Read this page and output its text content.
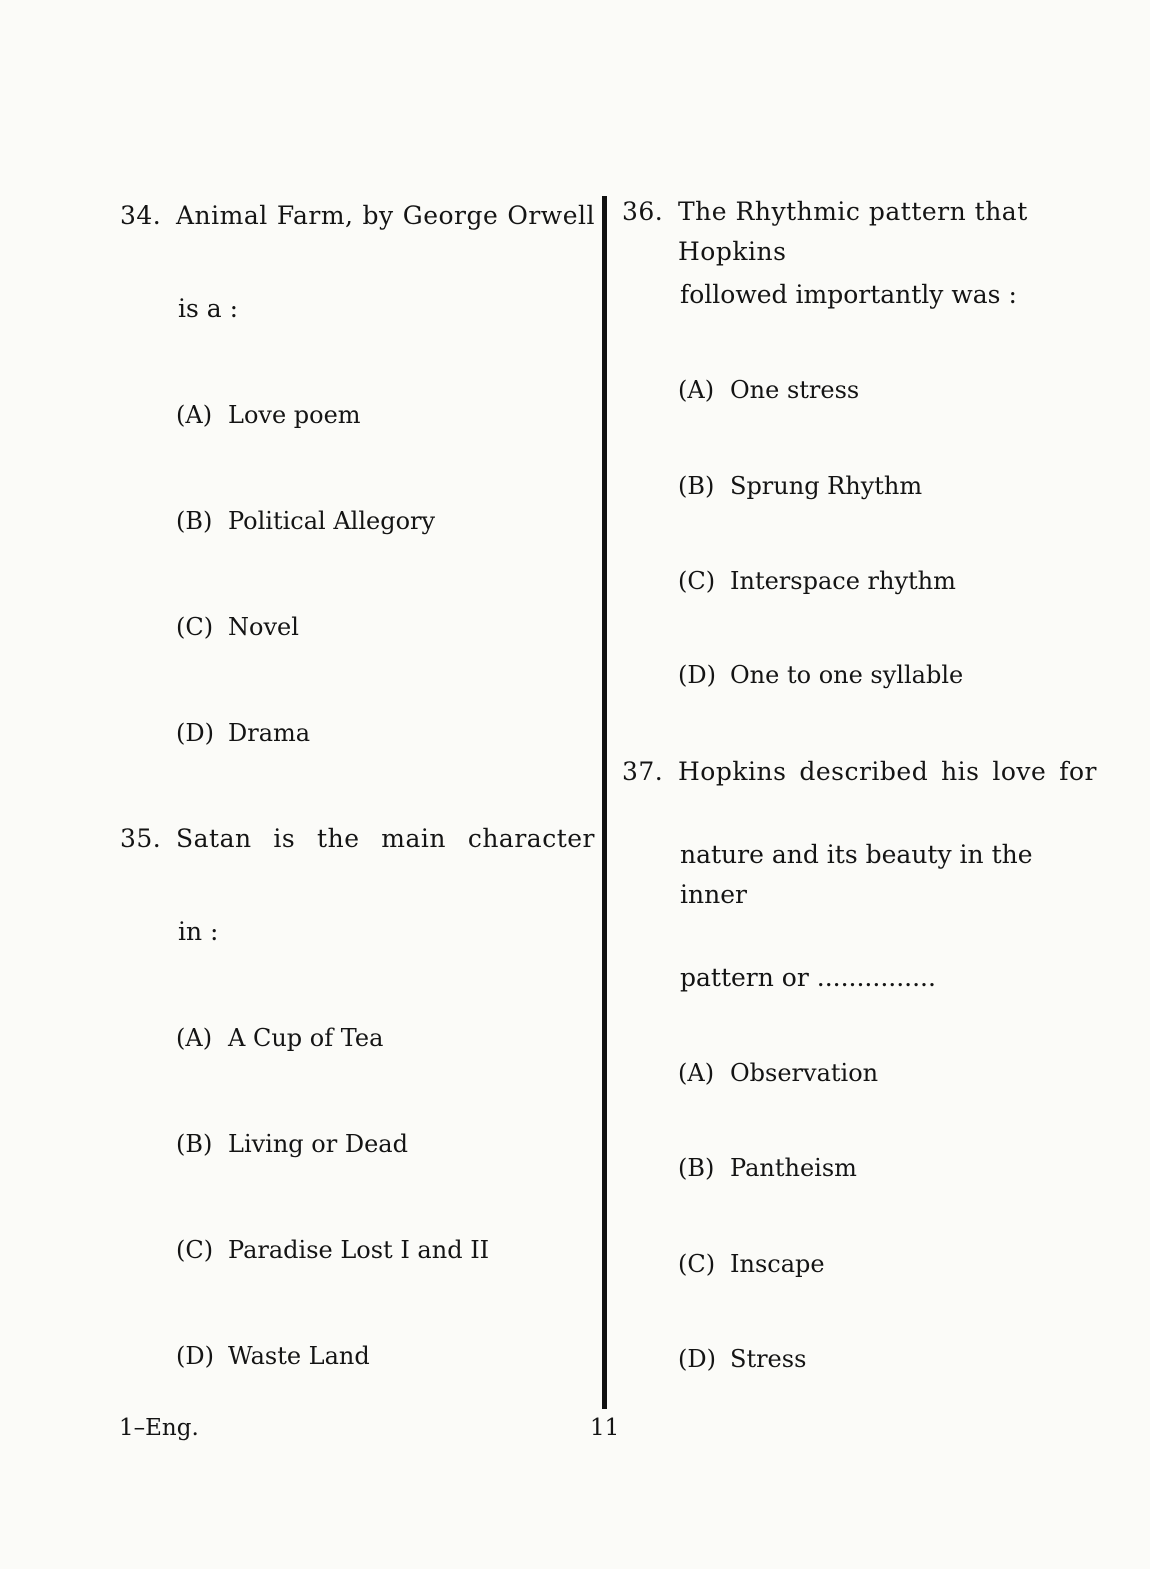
34. Animal Farm, by George Orwell
is a :
(A) Love poem
(B) Political Allegory
(C) Novel
(D) Drama
35. Satan is the main character
in :
(A) A Cup of Tea
(B) Living or Dead
(C) Paradise Lost I and II
(D) Waste Land
36. The Rhythmic pattern that Hopkins
followed importantly was :
(A) One stress
(B) Sprung Rhythm
(C) Interspace rhythm
(D) One to one syllable
37. Hopkins described his love for
nature and its beauty in the inner
pattern or ...............
(A) Observation
(B) Pantheism
(C) Inscape
(D) Stress
1–Eng.	11
